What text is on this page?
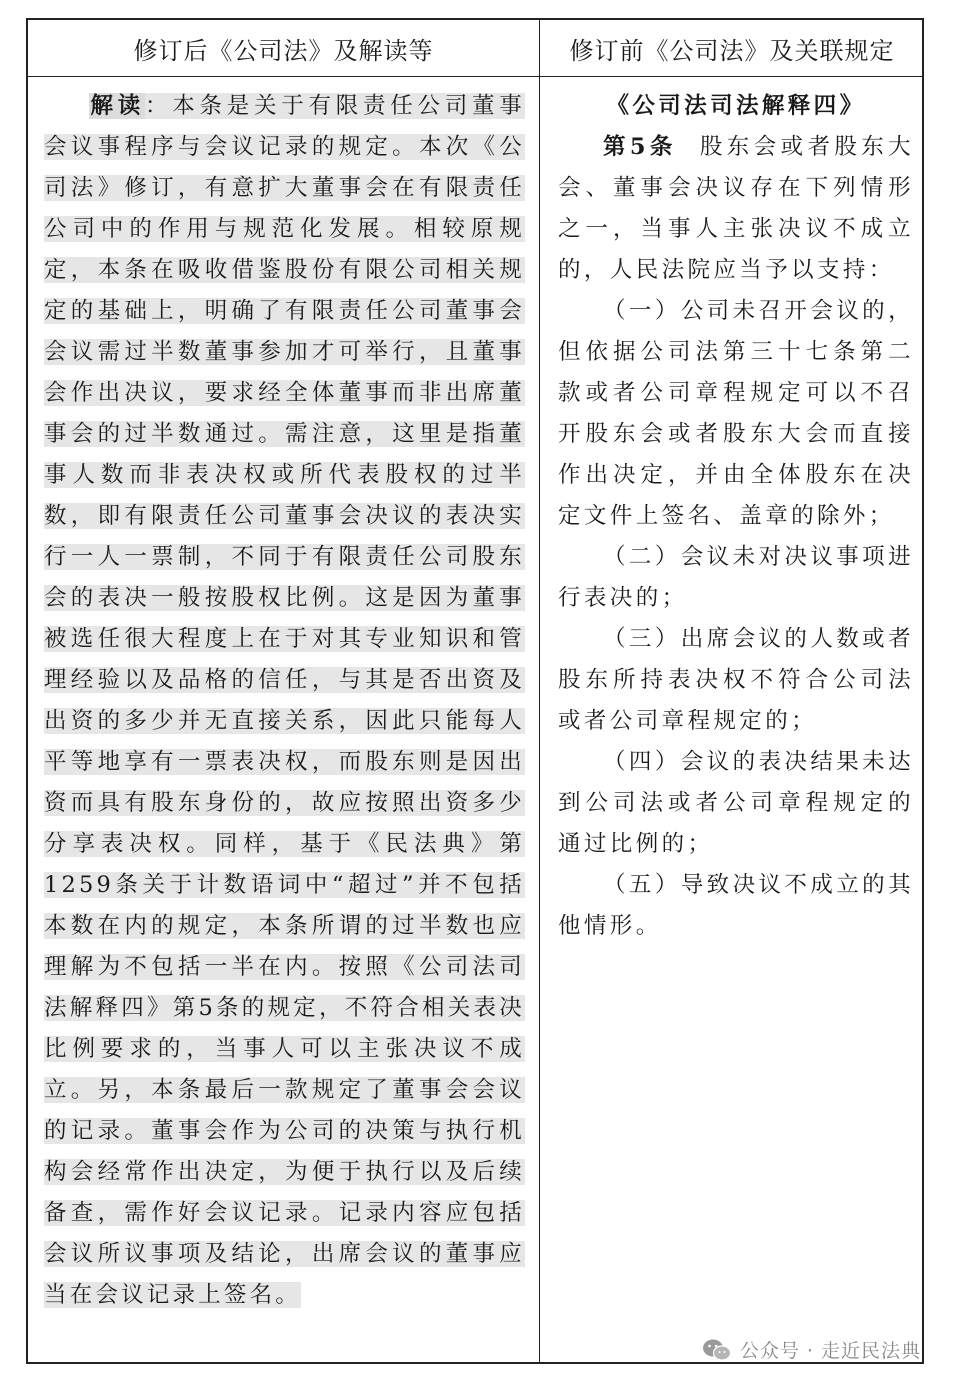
修订后《公司法》及解读等	修订前《公司法》及关联规定
解读：本条是关于有限责任公司董事会议事程序与会议记录的规定。本次《公司法》修订，有意扩大董事会在有限责任公司中的作用与规范化发展。相较原规定，本条在吸收借鉴股份有限公司相关规定的基础上，明确了有限责任公司董事会会议需过半数董事参加才可举行，且董事会作出决议，要求经全体董事而非出席董事会的过半数通过。需注意，这里是指董事人数而非表决权或所代表股权的过半数，即有限责任公司董事会决议的表决实行一人一票制，不同于有限责任公司股东会的表决一般按股权比例。这是因为董事被选任很大程度上在于对其专业知识和管理经验以及品格的信任，与其是否出资及出资的多少并无直接关系，因此只能每人平等地享有一票表决权，而股东则是因出资而具有股东身份的，故应按照出资多少分享表决权。同样，基于《民法典》第1259条关于计数语词中“超过”并不包括本数在内的规定，本条所谓的过半数也应理解为不包括一半在内。按照《公司法司法解释四》第5条的规定，不符合相关表决比例要求的，当事人可以主张决议不成立。另，本条最后一款规定了董事会会议的记录。董事会作为公司的决策与执行机构会经常作出决定，为便于执行以及后续备查，需作好会议记录。记录内容应包括会议所议事项及结论，出席会议的董事应当在会议记录上签名。

《公司法司法解释四》

第5条 股东会或者股东大会、董事会决议存在下列情形之一，当事人主张决议不成立的，人民法院应当予以支持：

（一）公司未召开会议的，但依据公司法第三十七条第二款或者公司章程规定可以不召开股东会或者股东大会而直接作出决定，并由全体股东在决定文件上签名、盖章的除外；

（二）会议未对决议事项进行表决的；

（三）出席会议的人数或者股东所持表决权不符合公司法或者公司章程规定的；

（四）会议的表决结果未达到公司法或者公司章程规定的通过比例的；

（五）导致决议不成立的其他情形。

公众号 · 走近民法典
